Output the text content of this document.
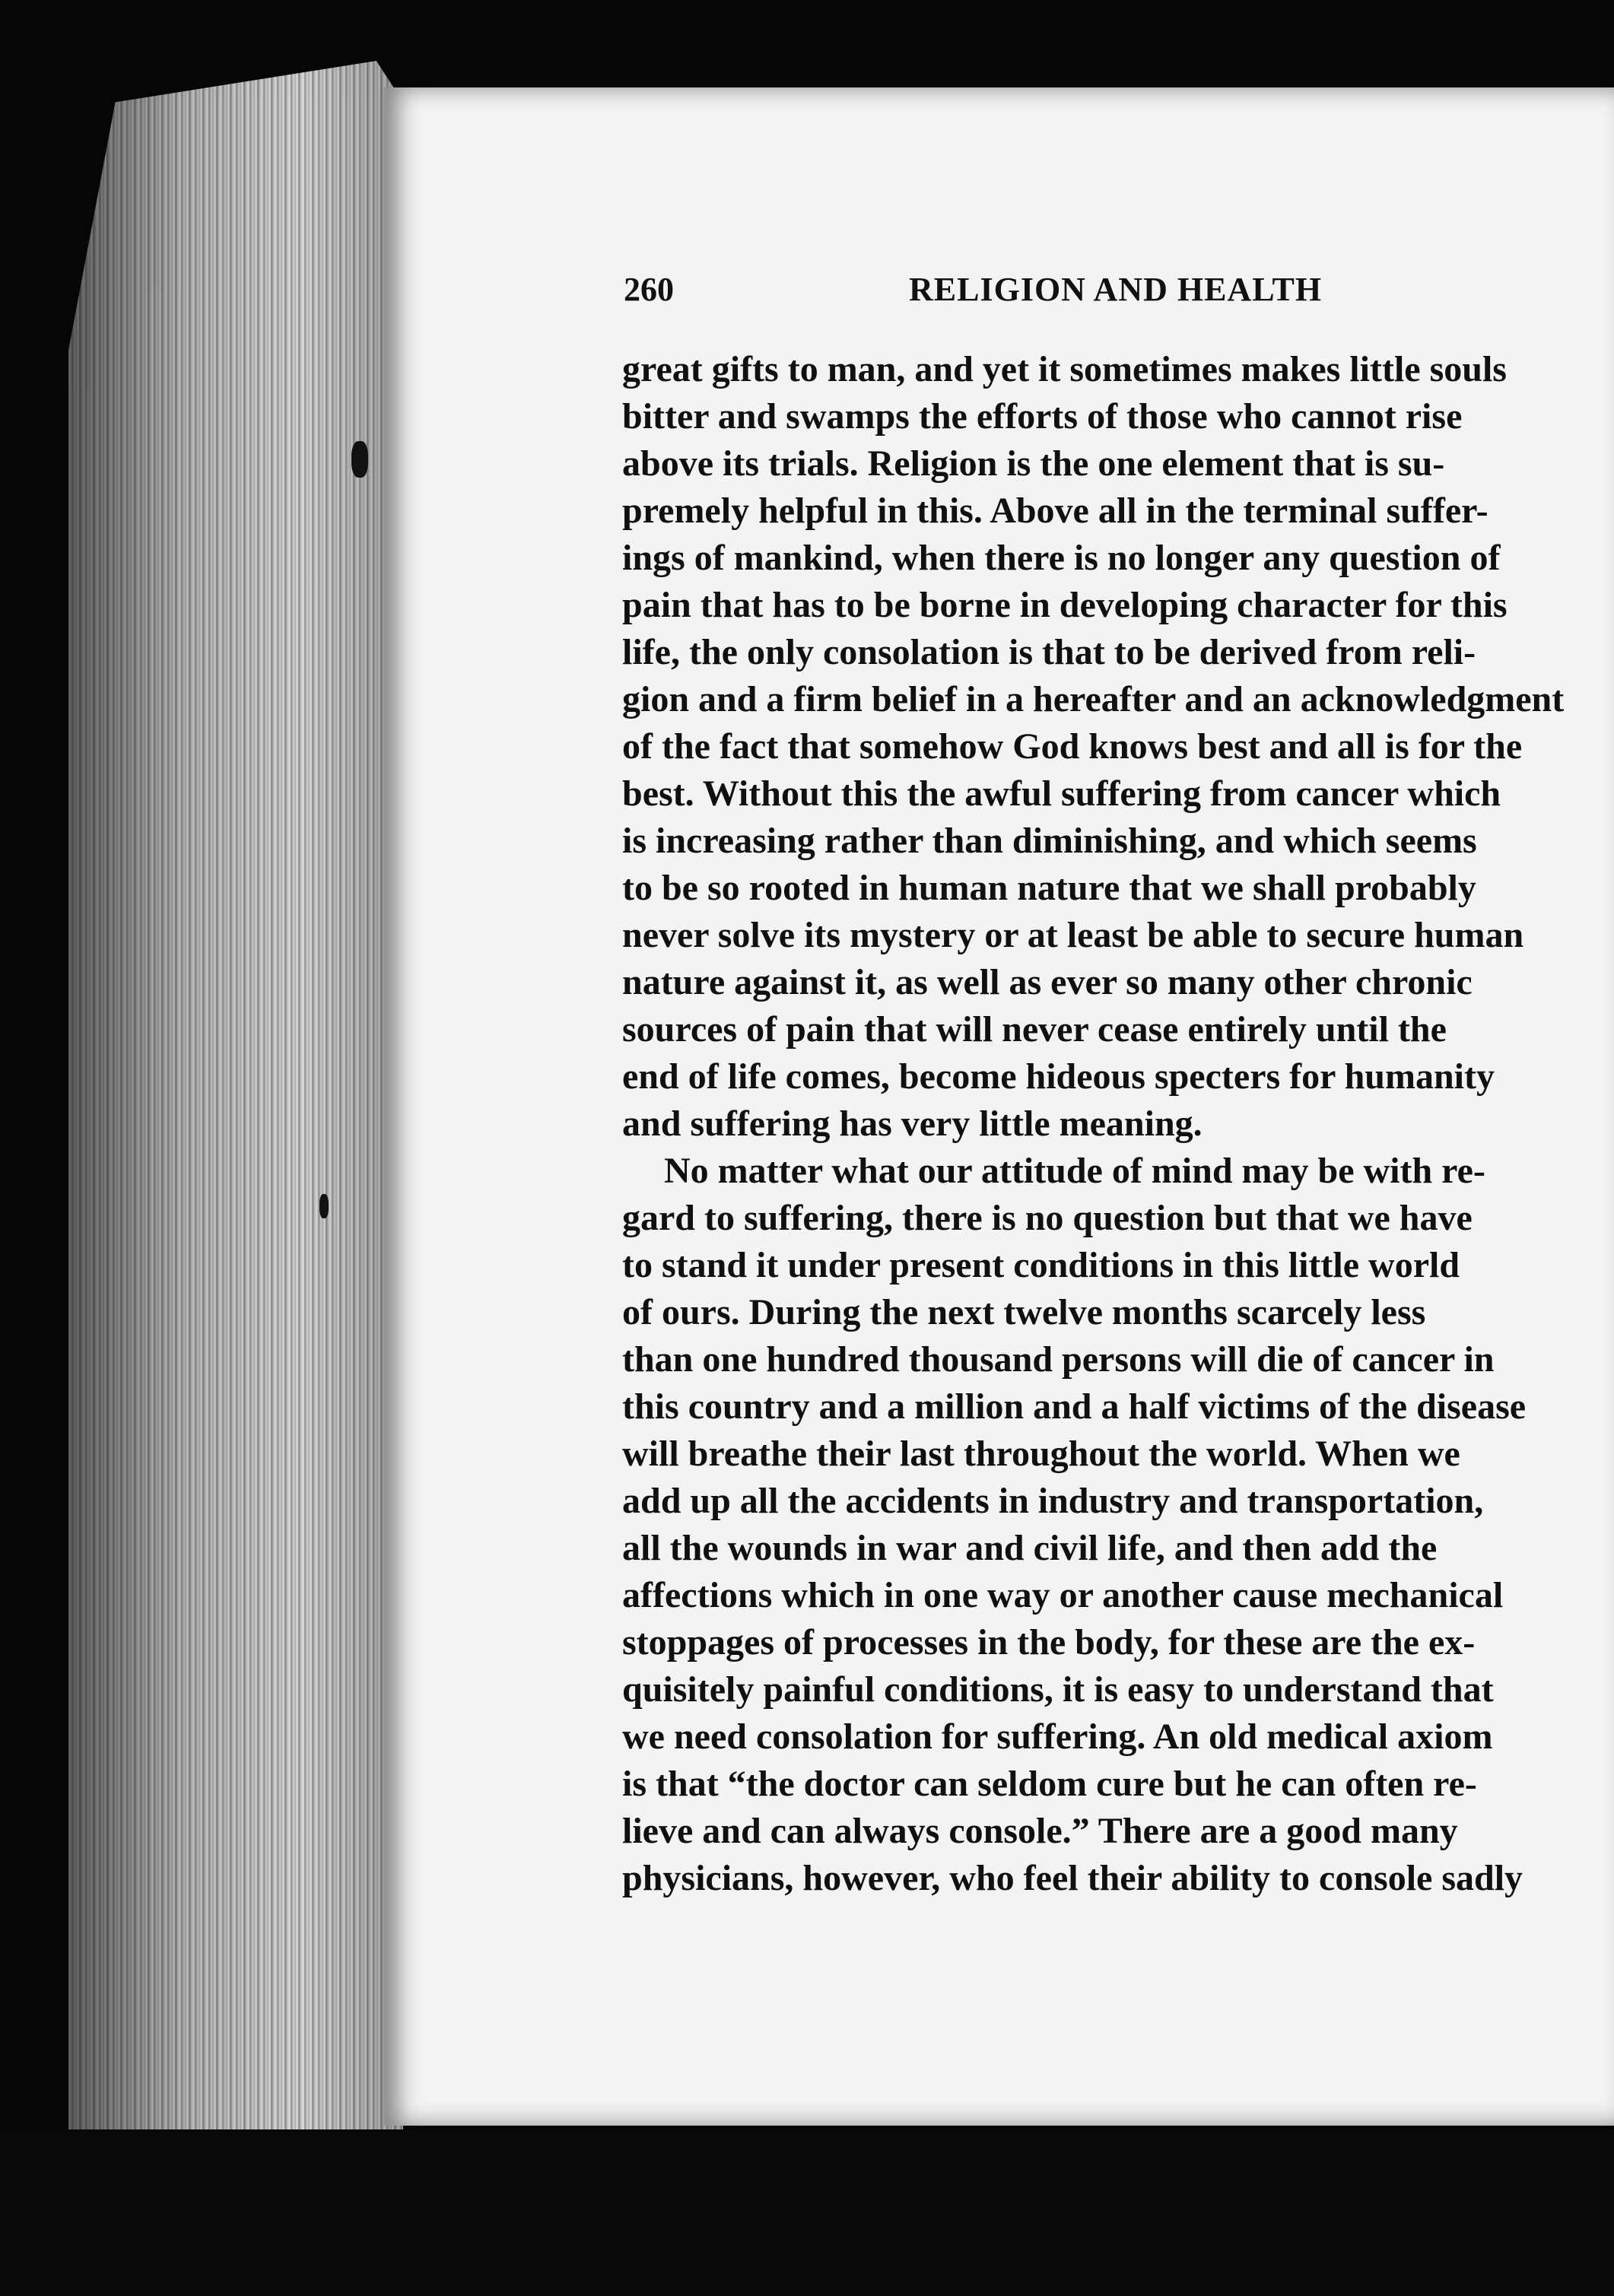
260	RELIGION AND HEALTH
great gifts to man, and yet it sometimes makes little souls
bitter and swamps the efforts of those who cannot rise
above its trials. Religion is the one element that is su-
premely helpful in this. Above all in the terminal suffer-
ings of mankind, when there is no longer any question of
pain that has to be borne in developing character for this
life, the only consolation is that to be derived from reli-
gion and a firm belief in a hereafter and an acknowledgment
of the fact that somehow God knows best and all is for the
best. Without this the awful suffering from cancer which
is increasing rather than diminishing, and which seems
to be so rooted in human nature that we shall probably
never solve its mystery or at least be able to secure human
nature against it, as well as ever so many other chronic
sources of pain that will never cease entirely until the
end of life comes, become hideous specters for humanity
and suffering has very little meaning.
No matter what our attitude of mind may be with re-
gard to suffering, there is no question but that we have
to stand it under present conditions in this little world
of ours. During the next twelve months scarcely less
than one hundred thousand persons will die of cancer in
this country and a million and a half victims of the disease
will breathe their last throughout the world. When we
add up all the accidents in industry and transportation,
all the wounds in war and civil life, and then add the
affections which in one way or another cause mechanical
stoppages of processes in the body, for these are the ex-
quisitely painful conditions, it is easy to understand that
we need consolation for suffering. An old medical axiom
is that “the doctor can seldom cure but he can often re-
lieve and can always console.” There are a good many
physicians, however, who feel their ability to console sadly
